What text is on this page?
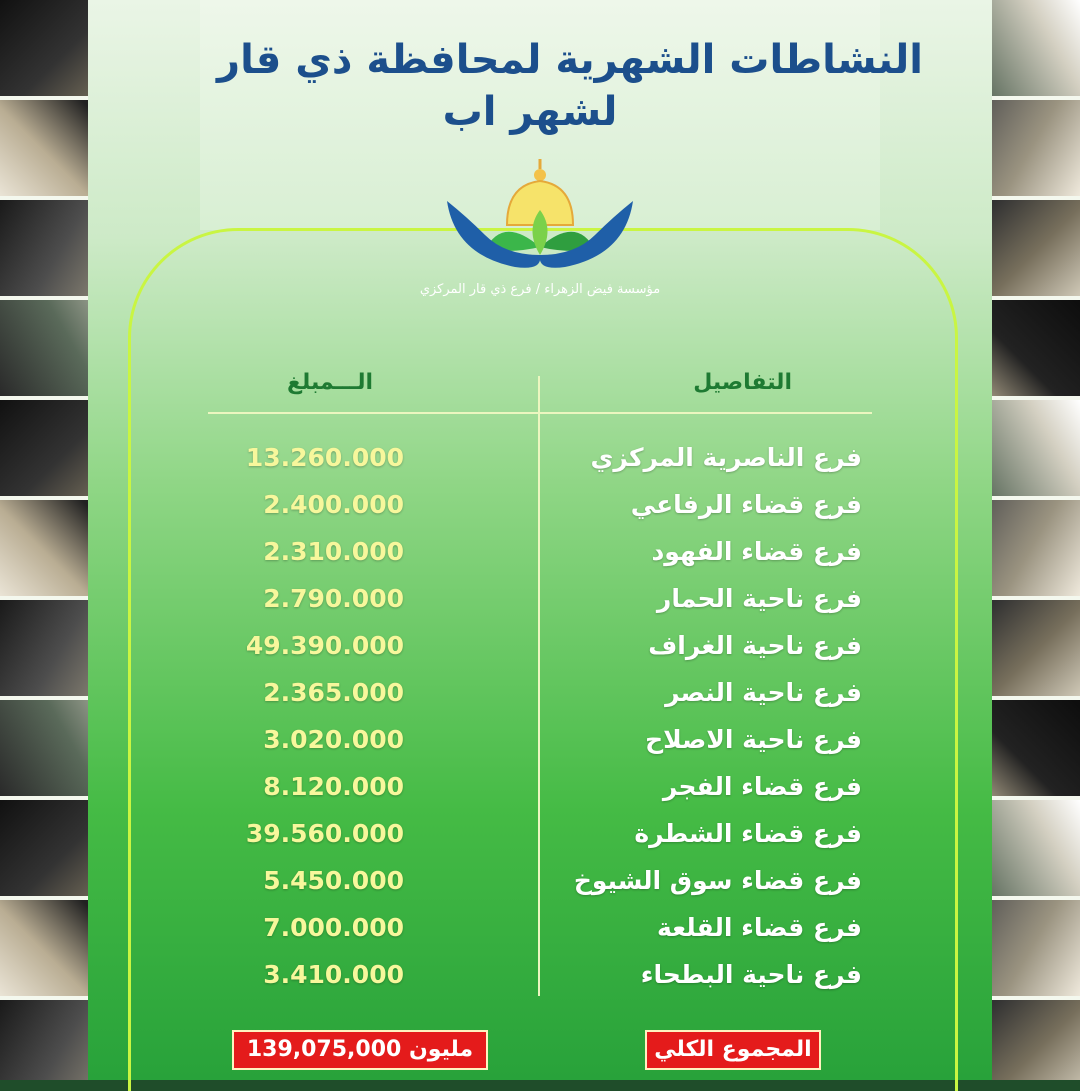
النشاطات الشهرية لمحافظة ذي قار
لشهر اب
مؤسسة فيض الزهراء / فرع ذي قار المركزي
التفاصيل
الـــمبلغ
فرع الناصرية المركزي
13.260.000
فرع قضاء الرفاعي
2.400.000
فرع قضاء الفهود
2.310.000
فرع ناحية الحمار
2.790.000
فرع ناحية الغراف
49.390.000
فرع ناحية النصر
2.365.000
فرع ناحية الاصلاح
3.020.000
فرع قضاء الفجر
8.120.000
فرع قضاء الشطرة
39.560.000
فرع قضاء سوق الشيوخ
5.450.000
فرع قضاء القلعة
7.000.000
فرع ناحية البطحاء
3.410.000
المجموع الكلي
139,075,000 مليون
